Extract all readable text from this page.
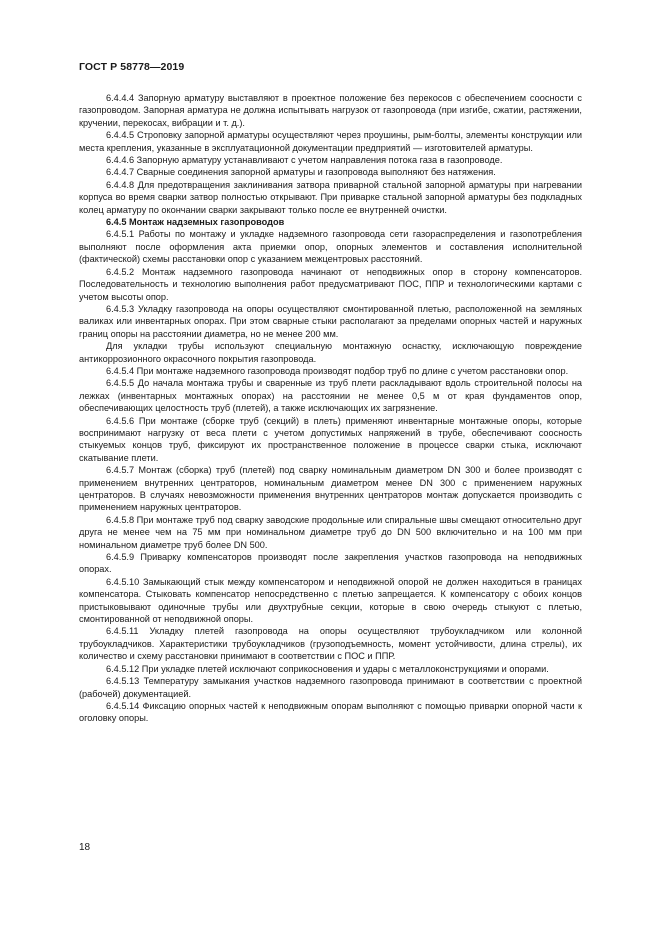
ГОСТ Р 58778—2019

6.4.4.4 Запорную арматуру выставляют в проектное положение без перекосов с обеспечением соосности с газопроводом. Запорная арматура не должна испытывать нагрузок от газопровода (при изгибе, сжатии, растяжении, кручении, перекосах, вибрации и т. д.).

6.4.4.5 Строповку запорной арматуры осуществляют через проушины, рым-болты, элементы конструкции или места крепления, указанные в эксплуатационной документации предприятий — изготовителей арматуры.

6.4.4.6 Запорную арматуру устанавливают с учетом направления потока газа в газопроводе.

6.4.4.7 Сварные соединения запорной арматуры и газопровода выполняют без натяжения.

6.4.4.8 Для предотвращения заклинивания затвора приварной стальной запорной арматуры при нагревании корпуса во время сварки затвор полностью открывают. При приварке стальной запорной арматуры без подкладных колец арматуру по окончании сварки закрывают только после ее внутренней очистки.

6.4.5 Монтаж надземных газопроводов

6.4.5.1 Работы по монтажу и укладке надземного газопровода сети газораспределения и газопотребления выполняют после оформления акта приемки опор, опорных элементов и составления исполнительной (фактической) схемы расстановки опор с указанием межцентровых расстояний.

6.4.5.2 Монтаж надземного газопровода начинают от неподвижных опор в сторону компенсаторов. Последовательность и технологию выполнения работ предусматривают ПОС, ППР и технологическими картами с учетом высоты опор.

6.4.5.3 Укладку газопровода на опоры осуществляют смонтированной плетью, расположенной на земляных валиках или инвентарных опорах. При этом сварные стыки располагают за пределами опорных частей и наружных границ опоры на расстоянии диаметра, но не менее 200 мм.

Для укладки трубы используют специальную монтажную оснастку, исключающую повреждение антикоррозионного окрасочного покрытия газопровода.

6.4.5.4 При монтаже надземного газопровода производят подбор труб по длине с учетом расстановки опор.

6.4.5.5 До начала монтажа трубы и сваренные из труб плети раскладывают вдоль строительной полосы на лежках (инвентарных монтажных опорах) на расстоянии не менее 0,5 м от края фундаментов опор, обеспечивающих целостность труб (плетей), а также исключающих их загрязнение.

6.4.5.6 При монтаже (сборке труб (секций) в плеть) применяют инвентарные монтажные опоры, которые воспринимают нагрузку от веса плети с учетом допустимых напряжений в трубе, обеспечивают соосность стыкуемых концов труб, фиксируют их пространственное положение в процессе сварки стыка, исключают скатывание плети.

6.4.5.7 Монтаж (сборка) труб (плетей) под сварку номинальным диаметром DN 300 и более производят с применением внутренних центраторов, номинальным диаметром менее DN 300 с применением наружных центраторов. В случаях невозможности применения внутренних центраторов монтаж допускается производить с применением наружных центраторов.

6.4.5.8 При монтаже труб под сварку заводские продольные или спиральные швы смещают относительно друг друга не менее чем на 75 мм при номинальном диаметре труб до DN 500 включительно и на 100 мм при номинальном диаметре труб более DN 500.

6.4.5.9 Приварку компенсаторов производят после закрепления участков газопровода на неподвижных опорах.

6.4.5.10 Замыкающий стык между компенсатором и неподвижной опорой не должен находиться в границах компенсатора. Стыковать компенсатор непосредственно с плетью запрещается. К компенсатору с обоих концов пристыковывают одиночные трубы или двухтрубные секции, которые в свою очередь стыкуют с плетью, смонтированной от неподвижной опоры.

6.4.5.11 Укладку плетей газопровода на опоры осуществляют трубоукладчиком или колонной трубоукладчиков. Характеристики трубоукладчиков (грузоподъемность, момент устойчивости, длина стрелы), их количество и схему расстановки принимают в соответствии с ПОС и ППР.

6.4.5.12 При укладке плетей исключают соприкосновения и удары с металлоконструкциями и опорами.

6.4.5.13 Температуру замыкания участков надземного газопровода принимают в соответствии с проектной (рабочей) документацией.

6.4.5.14 Фиксацию опорных частей к неподвижным опорам выполняют с помощью приварки опорной части к оголовку опоры.

18
